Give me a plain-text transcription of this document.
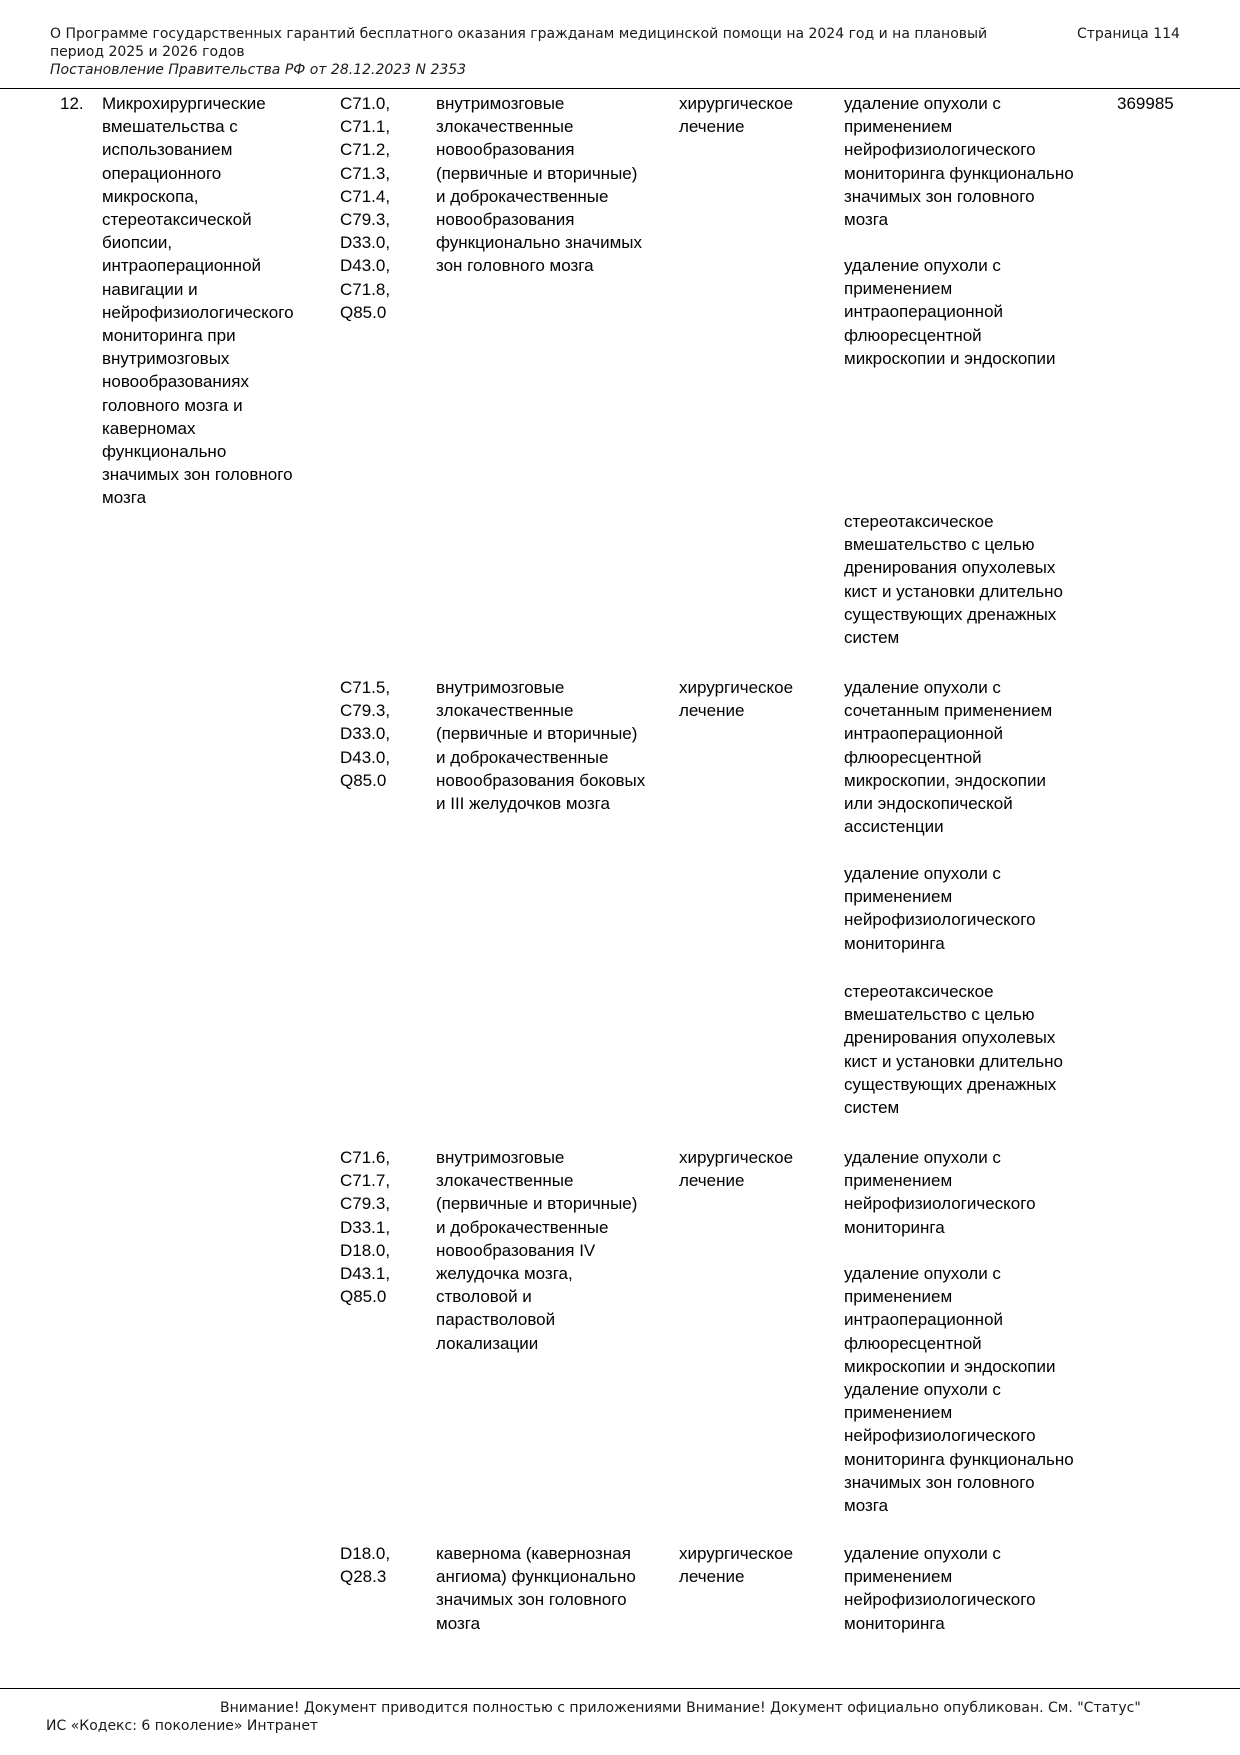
О Программе государственных гарантий бесплатного оказания гражданам медицинской помощи на 2024 год и на плановый период 2025 и 2026 годов
Страница 114
Постановление Правительства РФ от 28.12.2023 N 2353
12. Микрохирургические
вмешательства с
использованием
операционного
микроскопа,
стереотаксической
биопсии,
интраоперационной
навигации и
нейрофизиологического
мониторинга при
внутримозговых
новообразованиях
головного мозга и
каверномах
функционально
значимых зон головного
мозга
369985
C71.0,
C71.1,
C71.2,
C71.3,
C71.4,
C79.3,
D33.0,
D43.0,
C71.8,
Q85.0
внутримозговые
злокачественные
новообразования
(первичные и вторичные)
и доброкачественные
новообразования
функционально значимых
зон головного мозга
хирургическое
лечение
удаление опухоли с
применением
нейрофизиологического
мониторинга функционально
значимых зон головного
мозга
удаление опухоли с
применением
интраоперационной
флюоресцентной
микроскопии и эндоскопии
стереотаксическое
вмешательство с целью
дренирования опухолевых
кист и установки длительно
существующих дренажных
систем
C71.5,
C79.3,
D33.0,
D43.0,
Q85.0
внутримозговые
злокачественные
(первичные и вторичные)
и доброкачественные
новообразования боковых
и III желудочков мозга
хирургическое
лечение
удаление опухоли с
сочетанным применением
интраоперационной
флюоресцентной
микроскопии, эндоскопии
или эндоскопической
ассистенции
удаление опухоли с
применением
нейрофизиологического
мониторинга
стереотаксическое
вмешательство с целью
дренирования опухолевых
кист и установки длительно
существующих дренажных
систем
C71.6,
C71.7,
C79.3,
D33.1,
D18.0,
D43.1,
Q85.0
внутримозговые
злокачественные
(первичные и вторичные)
и доброкачественные
новообразования IV
желудочка мозга,
стволовой и
парастволовой
локализации
хирургическое
лечение
удаление опухоли с
применением
нейрофизиологического
мониторинга
удаление опухоли с
применением
интраоперационной
флюоресцентной
микроскопии и эндоскопии
удаление опухоли с
применением
нейрофизиологического
мониторинга функционально
значимых зон головного
мозга
D18.0,
Q28.3
кавернома (кавернозная
ангиома) функционально
значимых зон головного
мозга
хирургическое
лечение
удаление опухоли с
применением
нейрофизиологического
мониторинга
Внимание! Документ приводится полностью с приложениями Внимание! Документ официально опубликован. См. "Статус"
ИС «Кодекс: 6 поколение» Интранет
